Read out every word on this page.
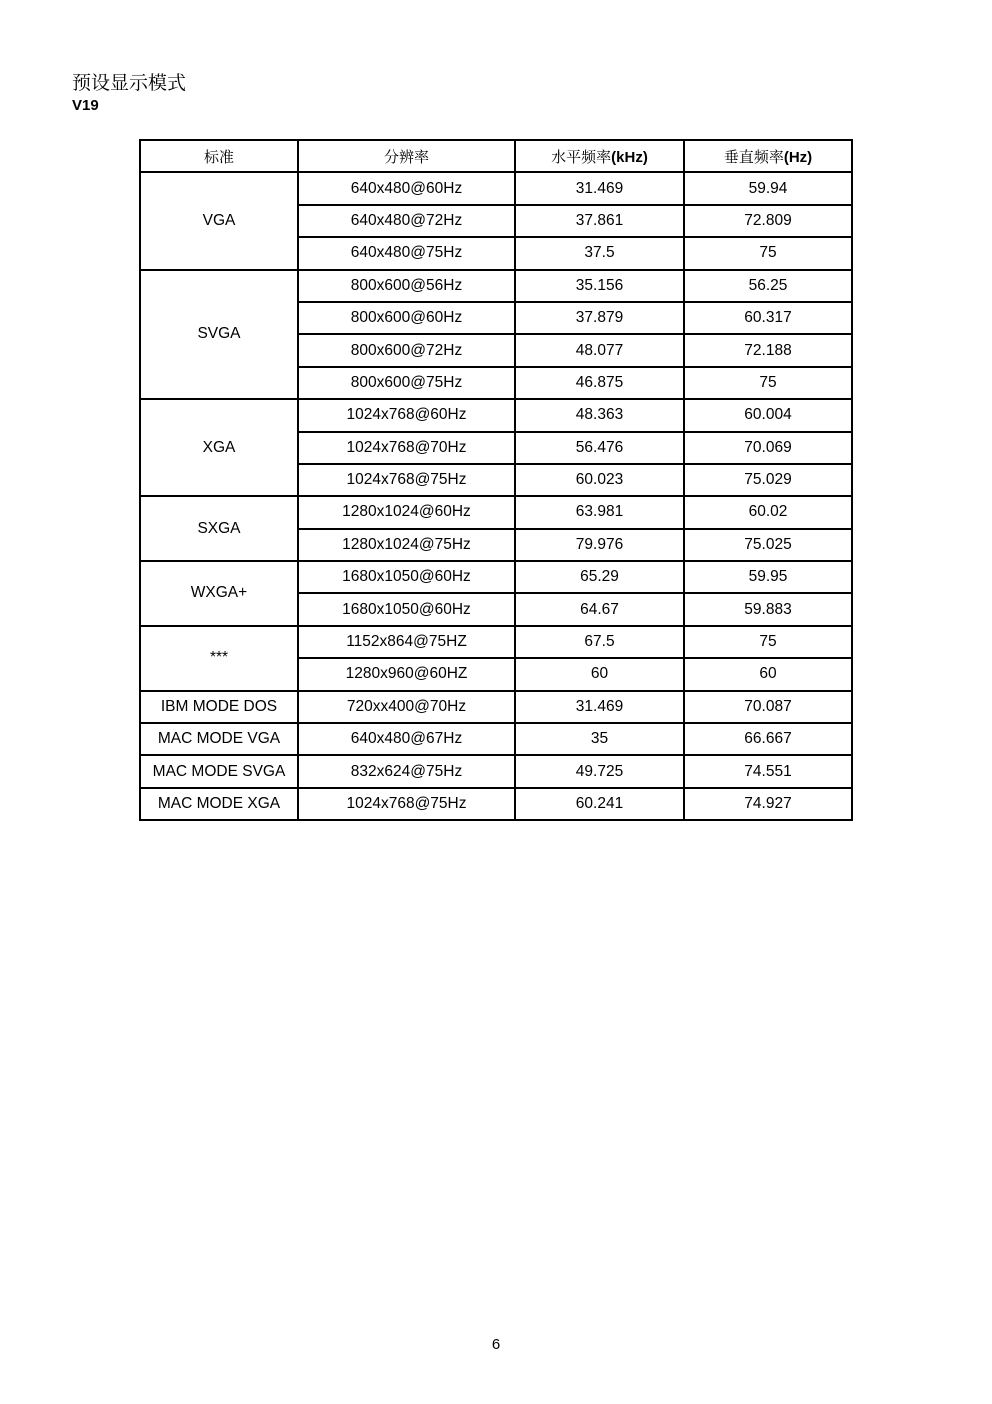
预设显示模式
V19
标准	分辨率	水平频率(kHz)	垂直频率(Hz)
VGA	640x480@60Hz	31.469	59.94
	640x480@72Hz	37.861	72.809
	640x480@75Hz	37.5	75
SVGA	800x600@56Hz	35.156	56.25
	800x600@60Hz	37.879	60.317
	800x600@72Hz	48.077	72.188
	800x600@75Hz	46.875	75
XGA	1024x768@60Hz	48.363	60.004
	1024x768@70Hz	56.476	70.069
	1024x768@75Hz	60.023	75.029
SXGA	1280x1024@60Hz	63.981	60.02
	1280x1024@75Hz	79.976	75.025
WXGA+	1680x1050@60Hz	65.29	59.95
	1680x1050@60Hz	64.67	59.883
***	1152x864@75HZ	67.5	75
	1280x960@60HZ	60	60
IBM MODE DOS	720xx400@70Hz	31.469	70.087
MAC MODE VGA	640x480@67Hz	35	66.667
MAC MODE SVGA	832x624@75Hz	49.725	74.551
MAC MODE XGA	1024x768@75Hz	60.241	74.927
6
